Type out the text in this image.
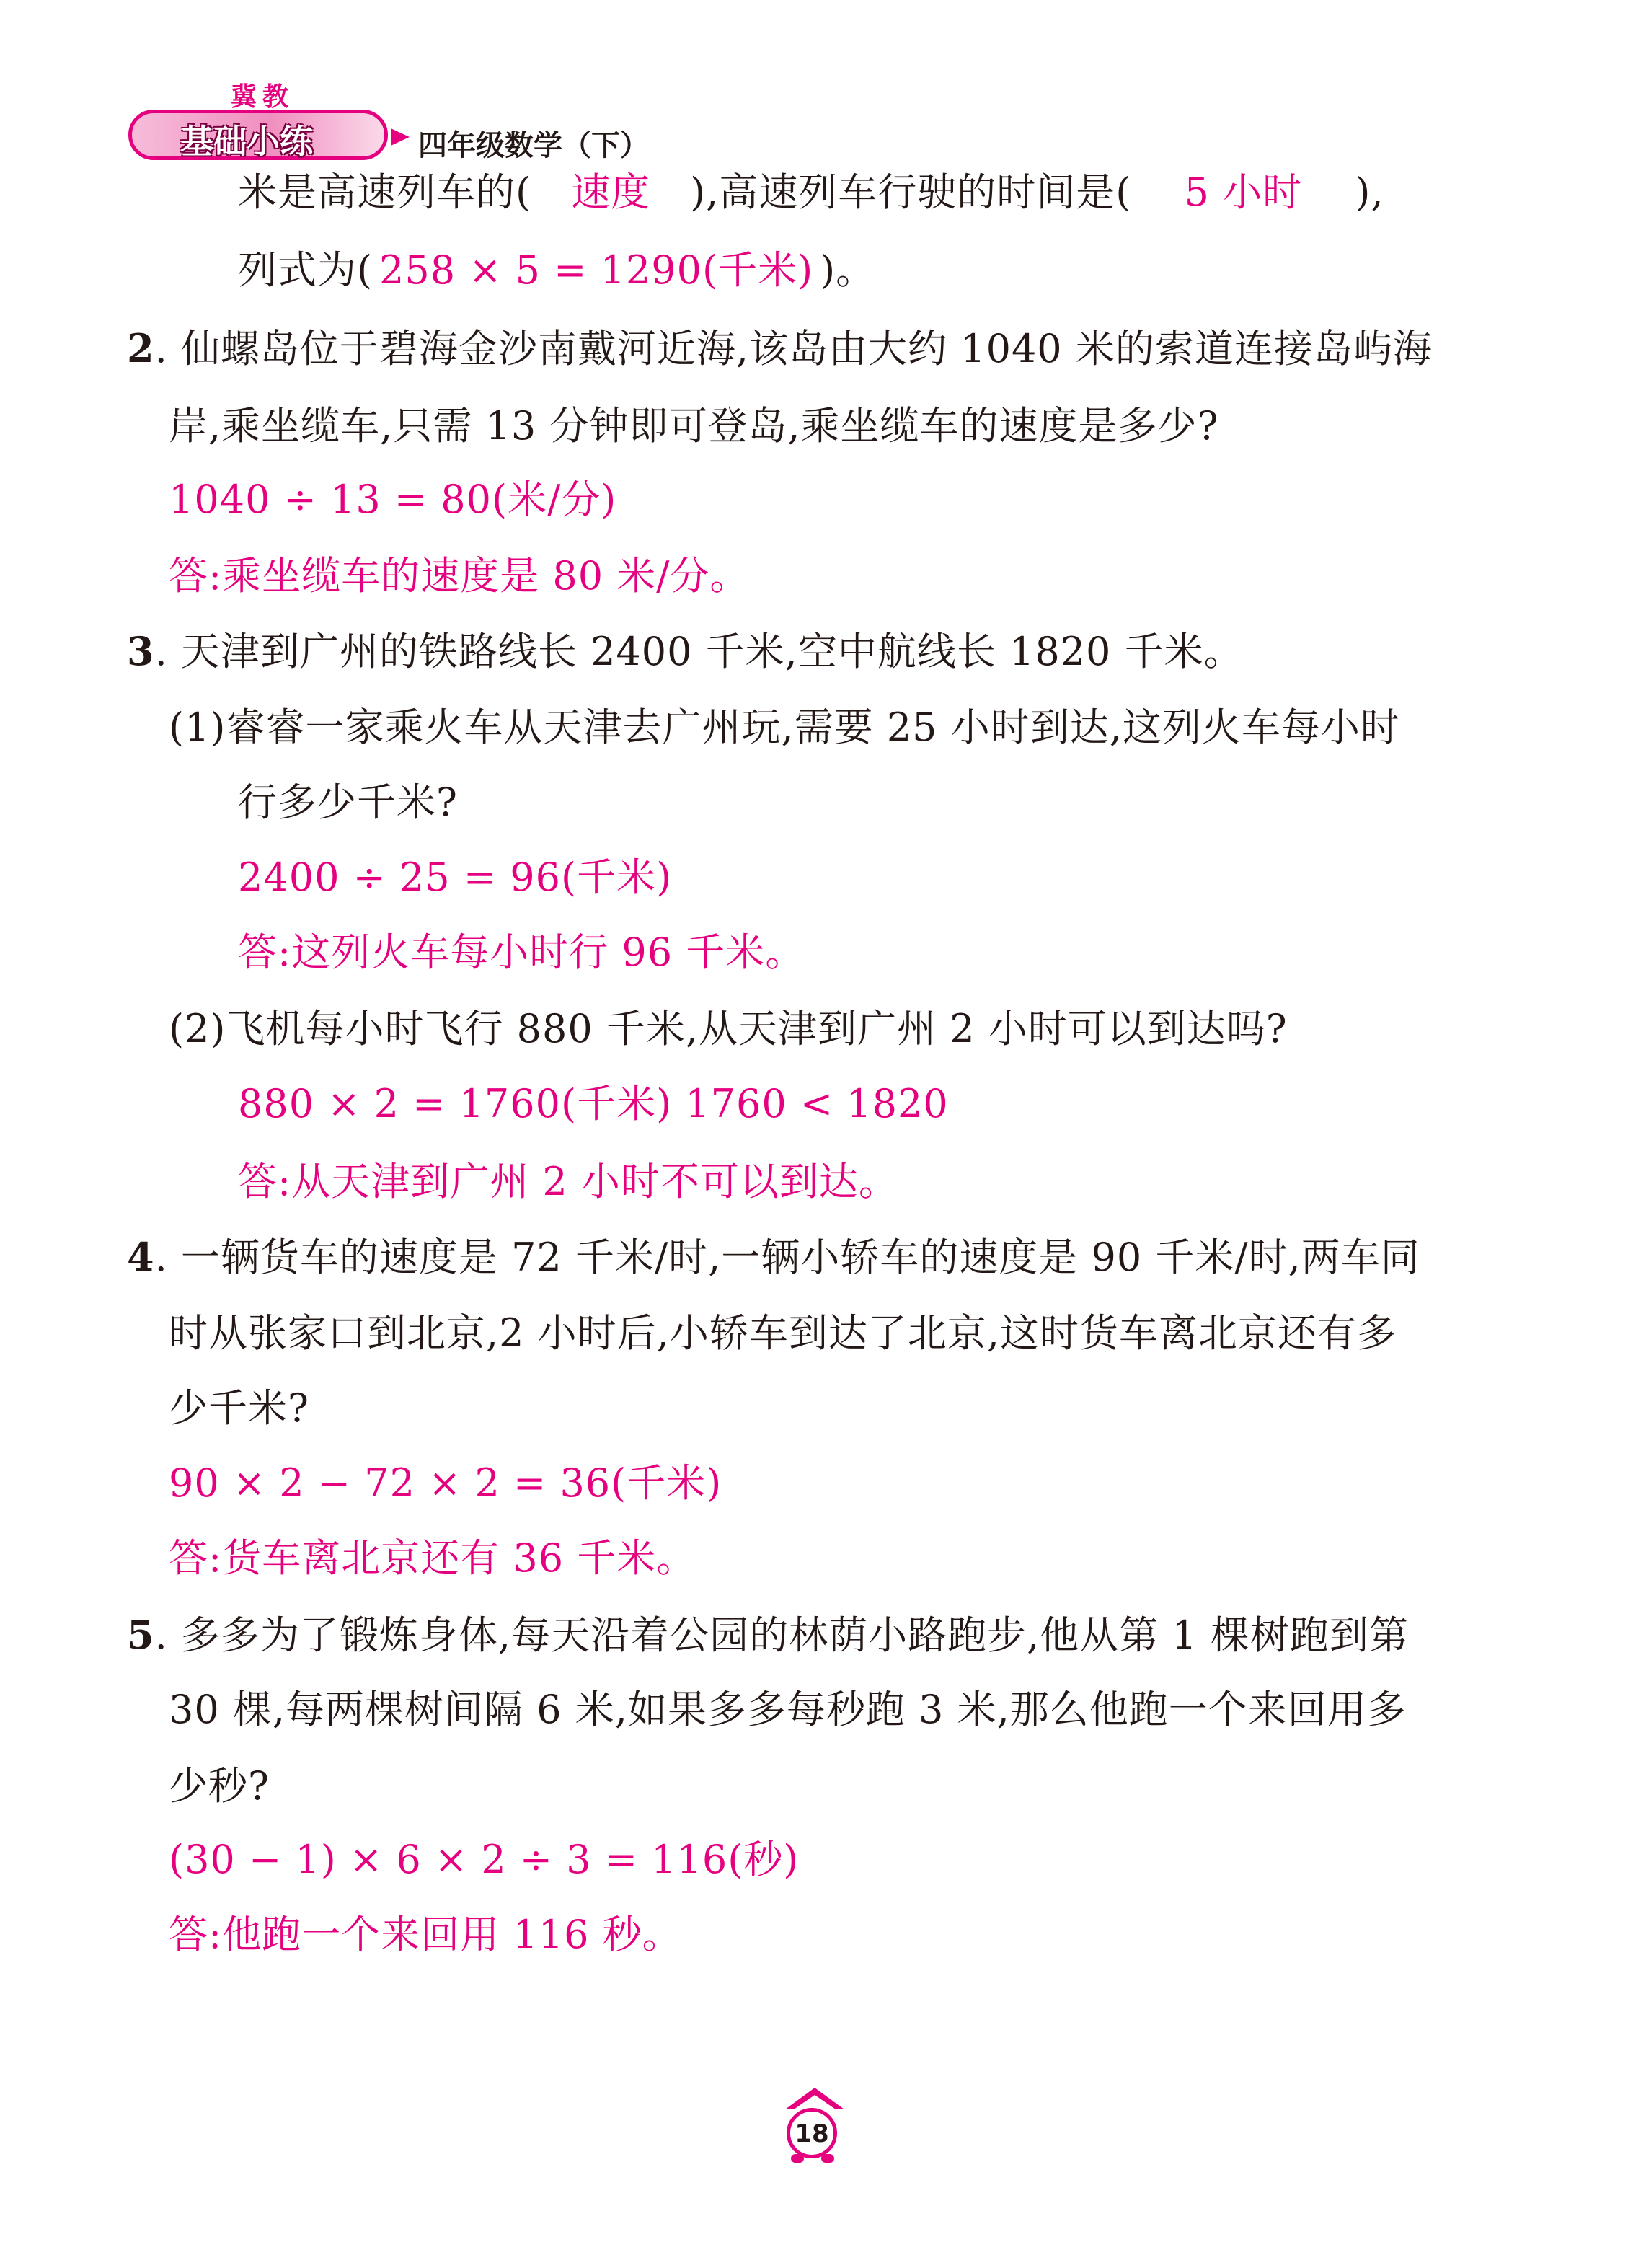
冀教
基础小练	四年级数学（下）
米是高速列车的( 速度 ),高速列车行驶的时间是( 5 小时 ),
列式为( 258 × 5 = 1290(千米) )。
2. 仙螺岛位于碧海金沙南戴河近海,该岛由大约 1040 米的索道连接岛屿海
岸,乘坐缆车,只需 13 分钟即可登岛,乘坐缆车的速度是多少?
1040 ÷ 13 = 80(米/分)
答:乘坐缆车的速度是 80 米/分。
3. 天津到广州的铁路线长 2400 千米,空中航线长 1820 千米。
(1)睿睿一家乘火车从天津去广州玩,需要 25 小时到达,这列火车每小时
行多少千米?
2400 ÷ 25 = 96(千米)
答:这列火车每小时行 96 千米。
(2)飞机每小时飞行 880 千米,从天津到广州 2 小时可以到达吗?
880 × 2 = 1760(千米) 1760 < 1820
答:从天津到广州 2 小时不可以到达。
4. 一辆货车的速度是 72 千米/时,一辆小轿车的速度是 90 千米/时,两车同
时从张家口到北京,2 小时后,小轿车到达了北京,这时货车离北京还有多
少千米?
90 × 2 − 72 × 2 = 36(千米)
答:货车离北京还有 36 千米。
5. 多多为了锻炼身体,每天沿着公园的林荫小路跑步,他从第 1 棵树跑到第
30 棵,每两棵树间隔 6 米,如果多多每秒跑 3 米,那么他跑一个来回用多
少秒?
(30 − 1) × 6 × 2 ÷ 3 = 116(秒)
答:他跑一个来回用 116 秒。
18
